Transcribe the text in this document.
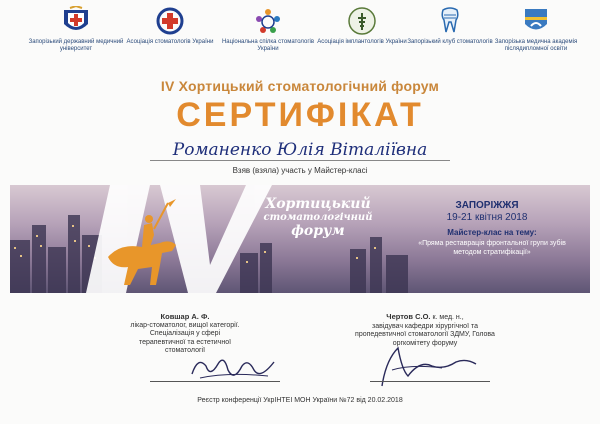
Запорізький державний медичний університет
Асоціація стоматологів України	Національна спілка стоматологів України
Асоціація імплантологів України Запорізький клуб стоматологів Запорізька медична академія післядипломної освіти
IV Хортицький стоматологічний форум
СЕРТИФІКАТ
Романенко Юлія Віталіївна
Взяв (взяла) участь у Майстер-класі
Хортицький
стоматологічний
форум
ЗАПОРІЖЖЯ
19-21 квітня 2018
Майстер-клас на тему:
«Пряма реставрація фронтальної групи зубів методом стратифікації»
Ковшар А. Ф.
лікар-стоматолог, вищої категорії. Спеціалізація у сфері терапевтичної та естетичної стоматології
Чертов С.О. к. мед. н.,
завідувач кафедри хірургічної та пропедевтичної стоматології ЗДМУ, Голова оргкомітету форуму
Реєстр конференції УкрІНТЕІ МОН України №72 від 20.02.2018
